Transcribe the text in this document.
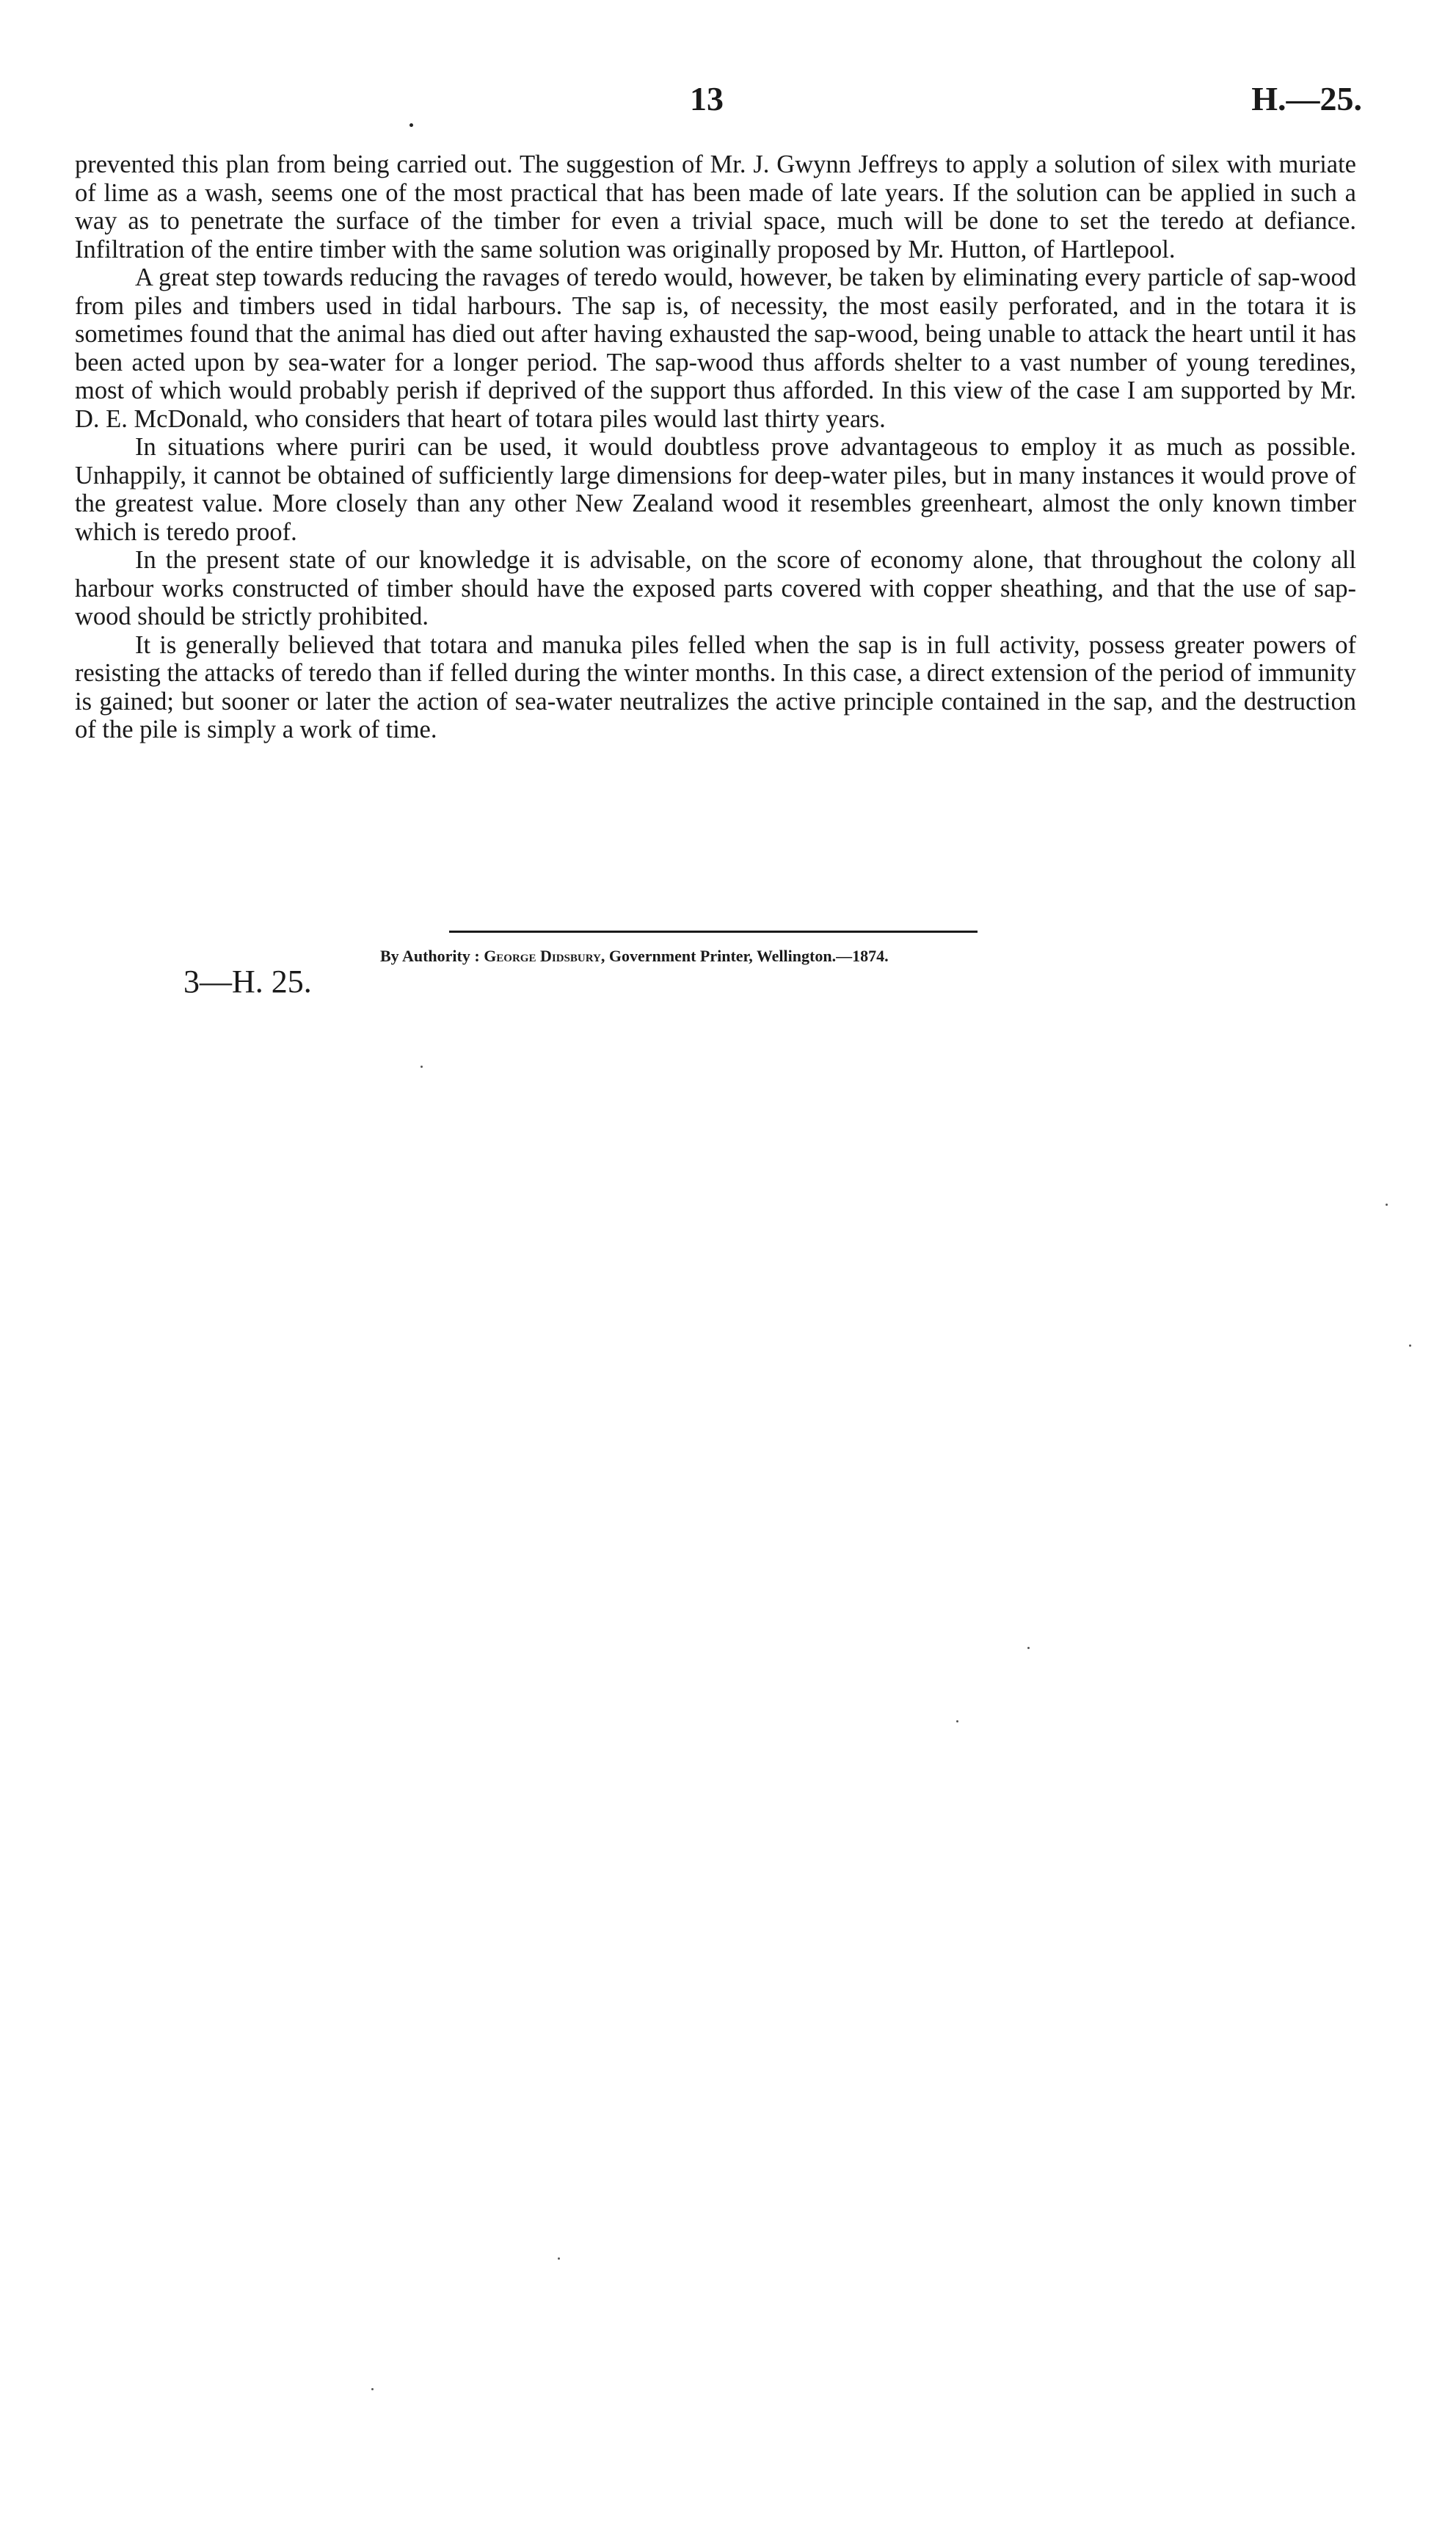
13	H.—25.

prevented this plan from being carried out. The suggestion of Mr. J. Gwynn Jeffreys to apply a solution of silex with muriate of lime as a wash, seems one of the most practical that has been made of late years. If the solution can be applied in such a way as to penetrate the surface of the timber for even a trivial space, much will be done to set the teredo at defiance. Infiltration of the entire timber with the same solution was originally proposed by Mr. Hutton, of Hartlepool.

A great step towards reducing the ravages of teredo would, however, be taken by eliminating every particle of sap-wood from piles and timbers used in tidal harbours. The sap is, of necessity, the most easily perforated, and in the totara it is sometimes found that the animal has died out after having exhausted the sap-wood, being unable to attack the heart until it has been acted upon by sea-water for a longer period. The sap-wood thus affords shelter to a vast number of young teredines, most of which would probably perish if deprived of the support thus afforded. In this view of the case I am supported by Mr. D. E. McDonald, who considers that heart of totara piles would last thirty years.

In situations where puriri can be used, it would doubtless prove advantageous to employ it as much as possible. Unhappily, it cannot be obtained of sufficiently large dimensions for deep-water piles, but in many instances it would prove of the greatest value. More closely than any other New Zealand wood it resembles greenheart, almost the only known timber which is teredo proof.

In the present state of our knowledge it is advisable, on the score of economy alone, that throughout the colony all harbour works constructed of timber should have the exposed parts covered with copper sheathing, and that the use of sap-wood should be strictly prohibited.

It is generally believed that totara and manuka piles felled when the sap is in full activity, possess greater powers of resisting the attacks of teredo than if felled during the winter months. In this case, a direct extension of the period of immunity is gained; but sooner or later the action of sea-water neutralizes the active principle contained in the sap, and the destruction of the pile is simply a work of time.

3—H. 25.
By Authority : George Didsbury, Government Printer, Wellington.—1874.
